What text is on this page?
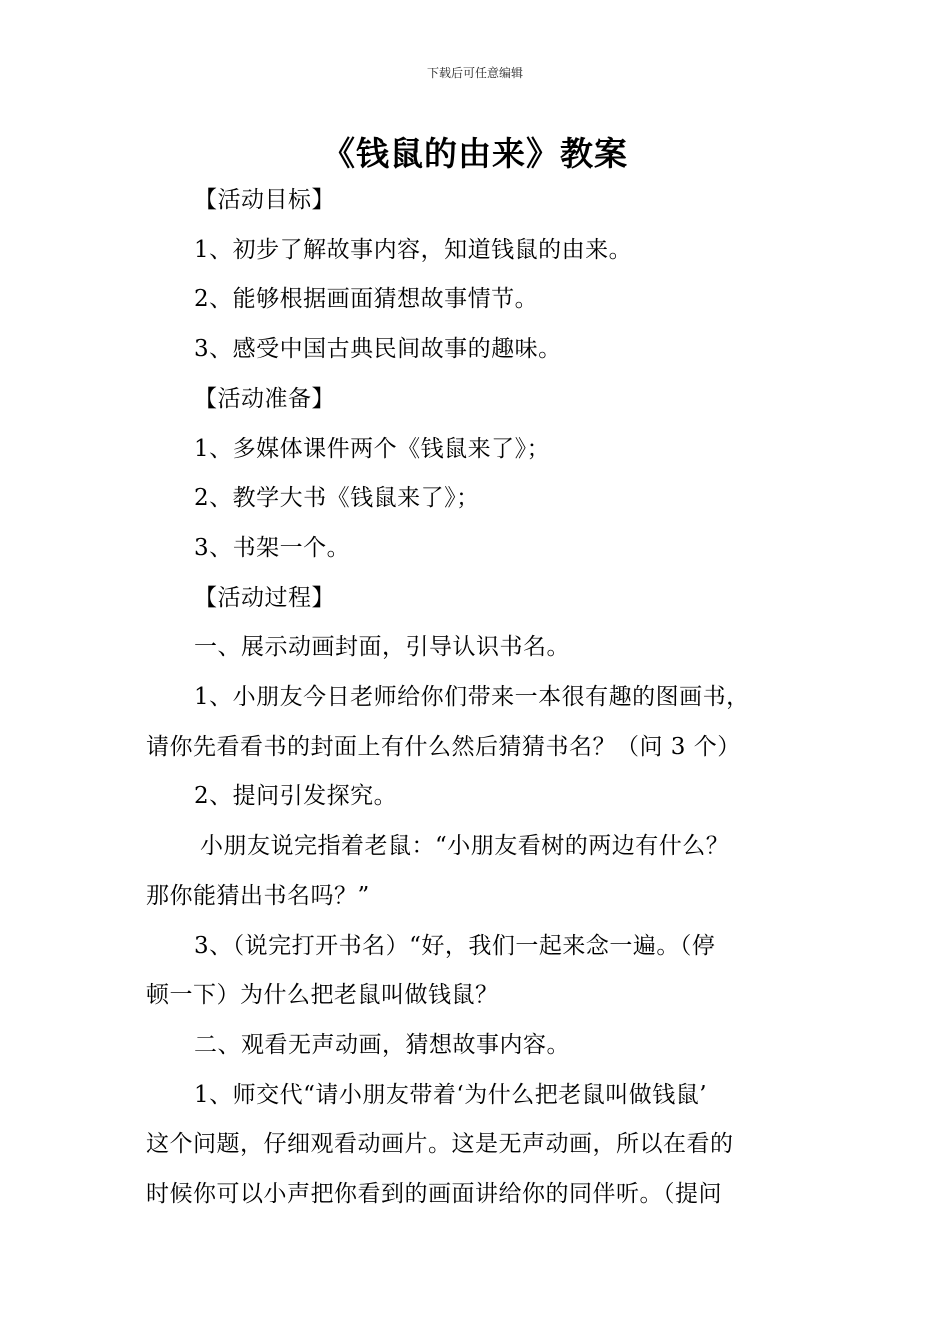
下载后可任意编辑
《钱鼠的由来》教案

【活动目标】

1、初步了解故事内容，知道钱鼠的由来。

2、能够根据画面猜想故事情节。

3、感受中国古典民间故事的趣味。

【活动准备】

1、多媒体课件两个《钱鼠来了》；

2、教学大书《钱鼠来了》；

3、书架一个。

【活动过程】

一、展示动画封面，引导认识书名。

1、小朋友今日老师给你们带来一本很有趣的图画书，

请你先看看书的封面上有什么然后猜猜书名？（问 3 个）

2、提问引发探究。

小朋友说完指着老鼠：“小朋友看树的两边有什么？

那你能猜出书名吗？”

3、（说完打开书名）“好，我们一起来念一遍。（停

顿一下）为什么把老鼠叫做钱鼠？

二、观看无声动画，猜想故事内容。

1、师交代“请小朋友带着‘为什么把老鼠叫做钱鼠’

这个问题，仔细观看动画片。这是无声动画，所以在看的

时候你可以小声把你看到的画面讲给你的同伴听。（提问
